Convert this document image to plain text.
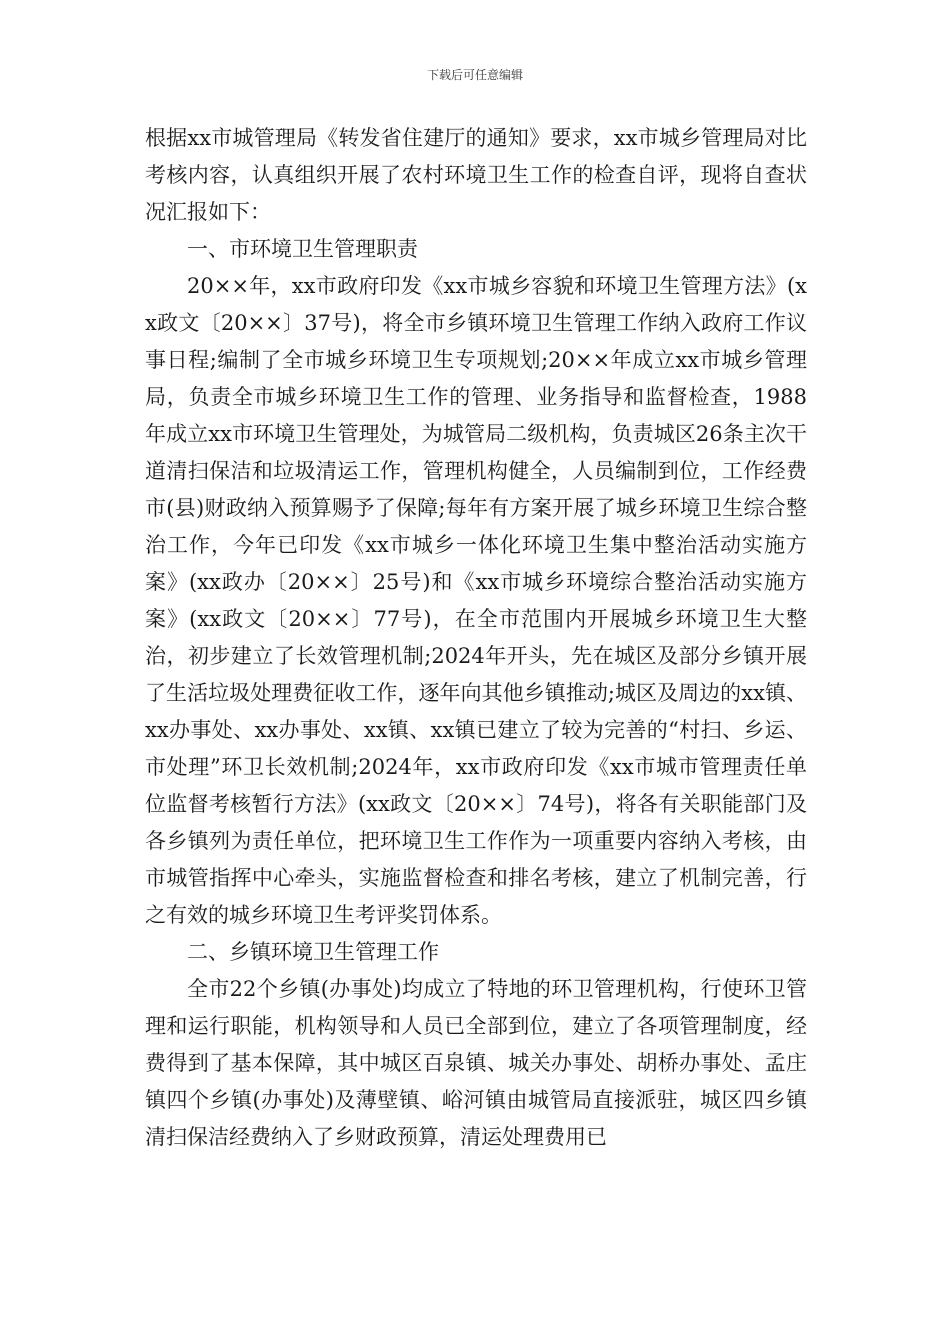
下载后可任意编辑

根据xx市城管理局《转发省住建厅的通知》要求，xx市城乡管理局对比考核内容，认真组织开展了农村环境卫生工作的检查自评，现将自查状况汇报如下：

一、市环境卫生管理职责

20××年，xx市政府印发《xx市城乡容貌和环境卫生管理方法》(xx政文〔20××〕37号)，将全市乡镇环境卫生管理工作纳入政府工作议事日程;编制了全市城乡环境卫生专项规划;20××年成立xx市城乡管理局，负责全市城乡环境卫生工作的管理、业务指导和监督检查，1988年成立xx市环境卫生管理处，为城管局二级机构，负责城区26条主次干道清扫保洁和垃圾清运工作，管理机构健全，人员编制到位，工作经费市(县)财政纳入预算赐予了保障;每年有方案开展了城乡环境卫生综合整治工作，今年已印发《xx市城乡一体化环境卫生集中整治活动实施方案》(xx政办〔20××〕25号)和《xx市城乡环境综合整治活动实施方案》(xx政文〔20××〕77号)，在全市范围内开展城乡环境卫生大整治，初步建立了长效管理机制;2024年开头，先在城区及部分乡镇开展了生活垃圾处理费征收工作，逐年向其他乡镇推动;城区及周边的xx镇、xx办事处、xx办事处、xx镇、xx镇已建立了较为完善的“村扫、乡运、市处理”环卫长效机制;2024年，xx市政府印发《xx市城市管理责任单位监督考核暂行方法》(xx政文〔20××〕74号)，将各有关职能部门及各乡镇列为责任单位，把环境卫生工作作为一项重要内容纳入考核，由市城管指挥中心牵头，实施监督检查和排名考核，建立了机制完善，行之有效的城乡环境卫生考评奖罚体系。

二、乡镇环境卫生管理工作

全市22个乡镇(办事处)均成立了特地的环卫管理机构，行使环卫管理和运行职能，机构领导和人员已全部到位，建立了各项管理制度，经费得到了基本保障，其中城区百泉镇、城关办事处、胡桥办事处、孟庄镇四个乡镇(办事处)及薄壁镇、峪河镇由城管局直接派驻，城区四乡镇清扫保洁经费纳入了乡财政预算，清运处理费用已
